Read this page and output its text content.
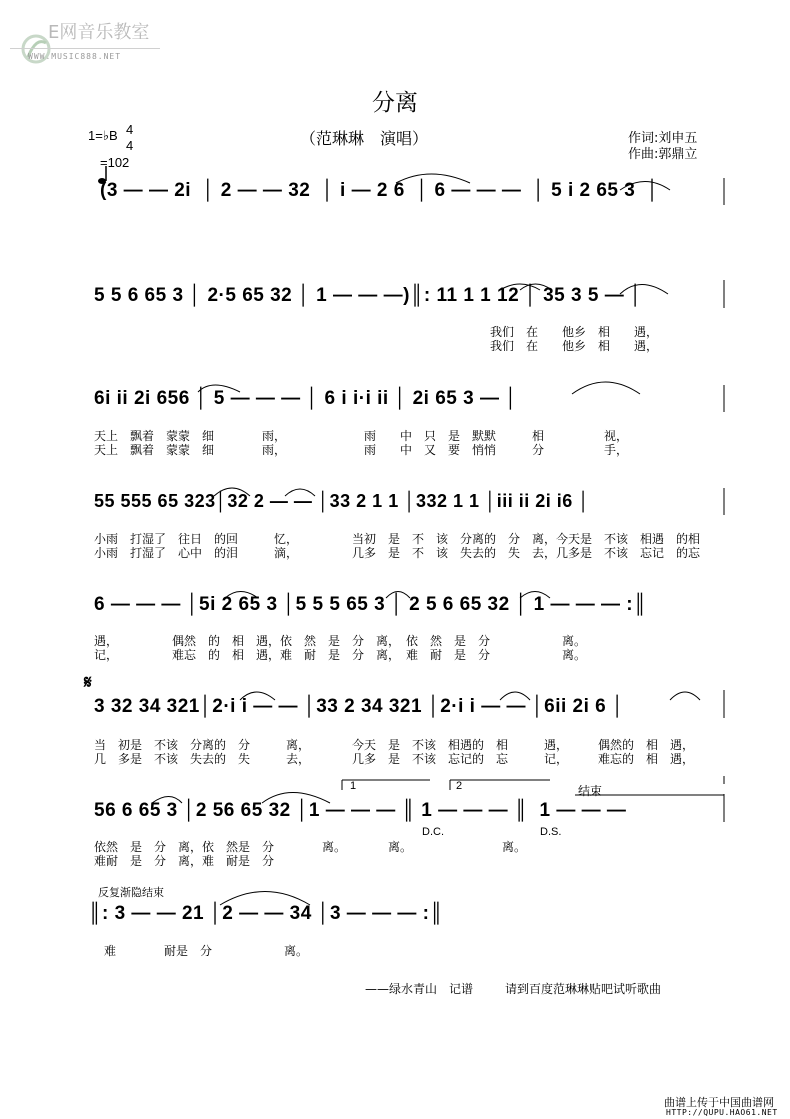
E网音乐教室
WWW.MUSIC888.NET
分离
（范琳琳　演唱）	作词:刘申五
作曲:郭鼎立
1=♭B 4
4

=102
(3 — — 2i  │ 2 — — 32  │ i — 2 6  │ 6 — — —  │ 5 i 2 65 3  │
5 5 6 65 3 │ 2·5 65 32 │ 1 — — —)║: 11 1 1 12 │ 35 3 5 — │
我们　在　　他乡　相　　遇，
我们　在　　他乡　相　　遇，
6i ii 2i 656 │ 5 — — — │ 6 i i·i ii │ 2i 65 3 — │
天上　飘着　蒙蒙　细　　　　雨，　　　　　　　雨　　中　只　是　默默　　　相　　　　　视，
天上　飘着　蒙蒙　细　　　　雨，　　　　　　　雨　　中　又　要　悄悄　　　分　　　　　手，
55 555 65 323│32 2 — — │33 2 1 1 │332 1 1 │iii ii 2i i6 │
小雨　打湿了　往日　的回　　　忆，　　　　　当初　是　不　该　分离的　分　离，今天是　不该　相遇　的相
小雨　打湿了　心中　的泪　　　滴，　　　　　几多　是　不　该　失去的　失　去，几多是　不该　忘记　的忘
6 — — — │5i 2 65 3 │5 5 5 65 3 │ 2 5 6 65 32 │ 1 — — — :║
遇，　　　　　偶然　的　相　遇，依　然　是　分　离，　依　然　是　分　　　　　　离。
记，　　　　　难忘　的　相　遇，难　耐　是　分　离，　难　耐　是　分　　　　　　离。
𝄋
3 32 34 321│2·i i — — │33 2 34 321 │2·i i — — │6ii 2i 6 │
当　初是　不该　分离的　分　　　离，　　　　今天　是　不该　相遇的　相　　　遇，　　　偶然的　相　遇，
几　多是　不该　失去的　失　　　去，　　　　几多　是　不该　忘记的　忘　　　记，　　　难忘的　相　遇，
1	2	结束
56 6 65 3 │2 56 65 32 │1 — — — ║ 1 — — — ║  1 — — —
D.C.	D.S.
依然　是　分　离，依　然是　分　　　　离。　　　　离。　　　　　　　　离。
难耐　是　分　离，难　耐是　分
反复渐隐结束
║: 3 — — 21 │2 — — 34 │3 — — — :║
难　　　　耐是　分　　　　　　离。
——绿水青山　记谱	请到百度范琳琳贴吧试听歌曲
曲谱上传于中国曲谱网
HTTP://QUPU.HAO61.NET
